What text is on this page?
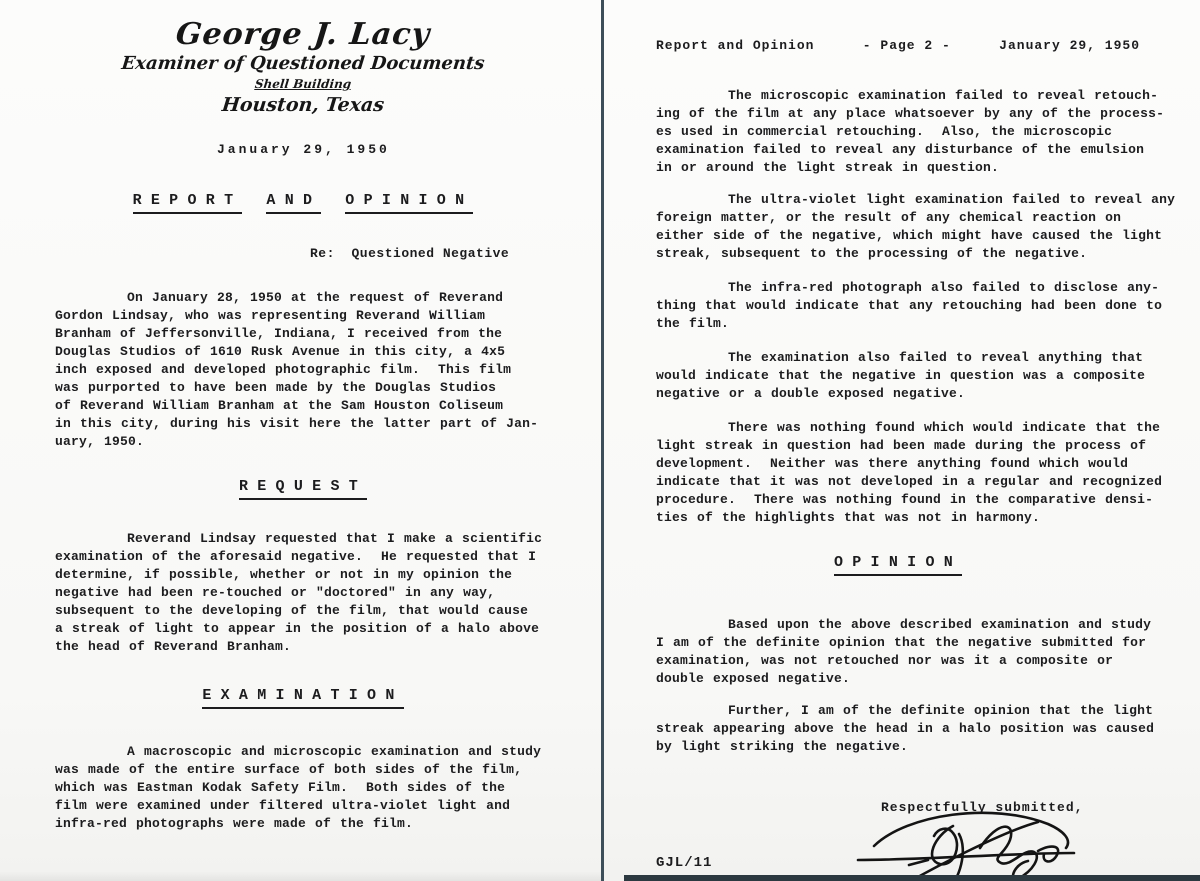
George J. Lacy
Examiner of Questioned Documents
Shell Building
Houston, Texas
January 29, 1950
REPORT AND OPINION
Re:  Questioned Negative
On January 28, 1950 at the request of Reverand
Gordon Lindsay, who was representing Reverand William
Branham of Jeffersonville, Indiana, I received from the
Douglas Studios of 1610 Rusk Avenue in this city, a 4x5
inch exposed and developed photographic film.  This film
was purported to have been made by the Douglas Studios
of Reverand William Branham at the Sam Houston Coliseum
in this city, during his visit here the latter part of Jan-
uary, 1950.
REQUEST
Reverand Lindsay requested that I make a scientific
examination of the aforesaid negative.  He requested that I
determine, if possible, whether or not in my opinion the
negative had been re-touched or "doctored" in any way,
subsequent to the developing of the film, that would cause
a streak of light to appear in the position of a halo above
the head of Reverand Branham.
EXAMINATION
A macroscopic and microscopic examination and study
was made of the entire surface of both sides of the film,
which was Eastman Kodak Safety Film.  Both sides of the
film were examined under filtered ultra-violet light and
infra-red photographs were made of the film.
Report and Opinion	- Page 2 -	January 29, 1950
The microscopic examination failed to reveal retouch-
ing of the film at any place whatsoever by any of the process-
es used in commercial retouching.  Also, the microscopic
examination failed to reveal any disturbance of the emulsion
in or around the light streak in question.
The ultra-violet light examination failed to reveal any
foreign matter, or the result of any chemical reaction on
either side of the negative, which might have caused the light
streak, subsequent to the processing of the negative.
The infra-red photograph also failed to disclose any-
thing that would indicate that any retouching had been done to
the film.
The examination also failed to reveal anything that
would indicate that the negative in question was a composite
negative or a double exposed negative.
There was nothing found which would indicate that the
light streak in question had been made during the process of
development.  Neither was there anything found which would
indicate that it was not developed in a regular and recognized
procedure.  There was nothing found in the comparative densi-
ties of the highlights that was not in harmony.
OPINION
Based upon the above described examination and study
I am of the definite opinion that the negative submitted for
examination, was not retouched nor was it a composite or
double exposed negative.
Further, I am of the definite opinion that the light
streak appearing above the head in a halo position was caused
by light striking the negative.
Respectfully submitted,
GJL/11
